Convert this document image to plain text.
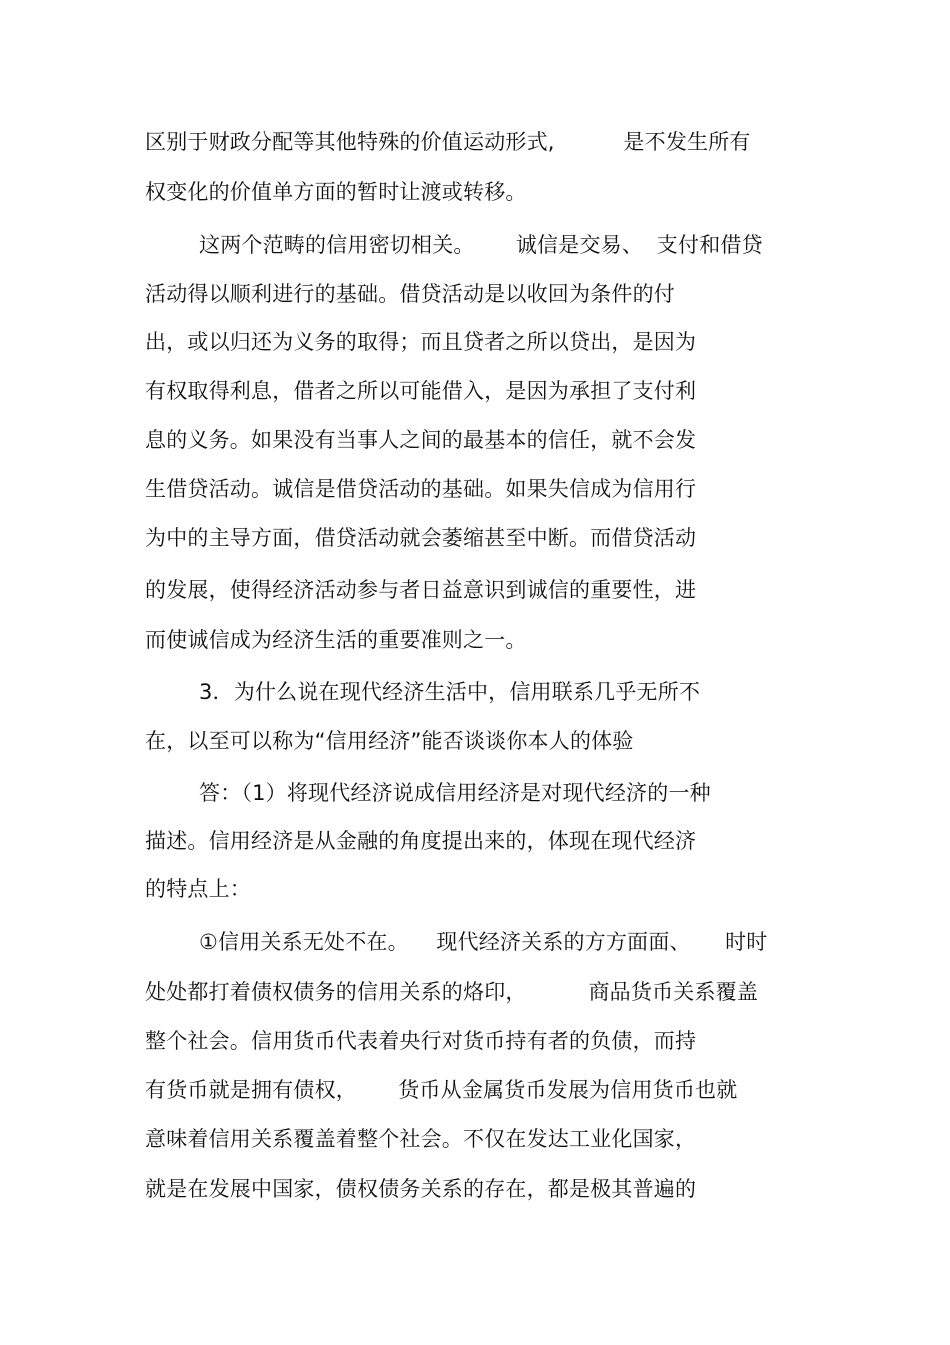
区别于财政分配等其他特殊的价值运动形式,          是不发生所有
权变化的价值单方面的暂时让渡或转移。
这两个范畴的信用密切相关。      诚信是交易、  支付和借贷
活动得以顺利进行的基础。借贷活动是以收回为条件的付
出，或以归还为义务的取得；而且贷者之所以贷出，是因为
有权取得利息，借者之所以可能借入，是因为承担了支付利
息的义务。如果没有当事人之间的最基本的信任，就不会发
生借贷活动。诚信是借贷活动的基础。如果失信成为信用行
为中的主导方面，借贷活动就会萎缩甚至中断。而借贷活动
的发展，使得经济活动参与者日益意识到诚信的重要性，进
而使诚信成为经济生活的重要准则之一。
3．为什么说在现代经济生活中，信用联系几乎无所不
在，以至可以称为“信用经济”能否谈谈你本人的体验
答：（1）将现代经济说成信用经济是对现代经济的一种
描述。信用经济是从金融的角度提出来的，体现在现代经济
的特点上：
①信用关系无处不在。    现代经济关系的方方面面、     时时
处处都打着债权债务的信用关系的烙印，         商品货币关系覆盖
整个社会。信用货币代表着央行对货币持有者的负债，而持
有货币就是拥有债权，      货币从金属货币发展为信用货币也就
意味着信用关系覆盖着整个社会。不仅在发达工业化国家，
就是在发展中国家，债权债务关系的存在，都是极其普遍的
